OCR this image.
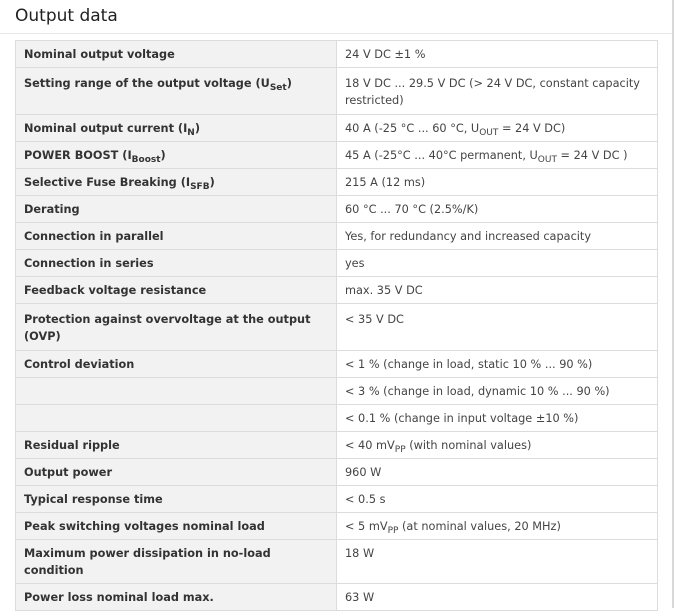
Output data
Nominal output voltage	24 V DC ±1 %
Setting range of the output voltage $(U_{Set})$	18 V DC ... 29.5 V DC (> 24 V DC, constant capacity restricted)
Nominal output current $(I_N)$	40 A (-25 °C ... 60 °C, $U_{OUT} = 24$ V DC)
POWER BOOST $(I_{Boost})$	45 A (-25°C ... 40°C permanent, $U_{OUT} = 24$ V DC )
Selective Fuse Breaking $(I_{SFB})$	215 A (12 ms)
Derating	60 °C ... 70 °C (2.5%/K)
Connection in parallel	Yes, for redundancy and increased capacity
Connection in series	yes
Feedback voltage resistance	max. 35 V DC
Protection against overvoltage at the output (OVP)	< 35 V DC
Control deviation	< 1 % (change in load, static 10 % ... 90 %)
	< 3 % (change in load, dynamic 10 % ... 90 %)
	< 0.1 % (change in input voltage ±10 %)
Residual ripple	< 40 $mV_{PP}$ (with nominal values)
Output power	960 W
Typical response time	< 0.5 s
Peak switching voltages nominal load	< 5 $mV_{PP}$ (at nominal values, 20 MHz)
Maximum power dissipation in no-load condition	18 W
Power loss nominal load max.	63 W
